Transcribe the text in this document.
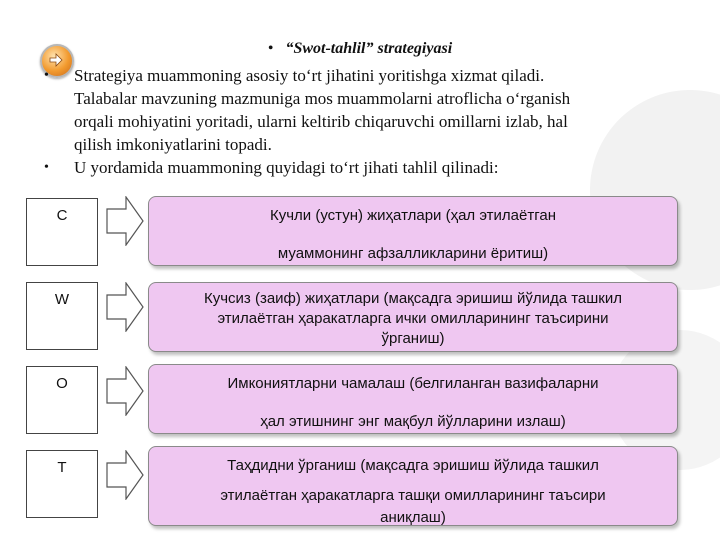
• “Swot-tahlil” strategiyasi
•	Strategiya muammoning asosiy to‘rt jihatini yoritishga xizmat qiladi.
Talabalar mavzuning mazmuniga mos muammolarni atroflicha o‘rganish
orqali mohiyatini yoritadi, ularni keltirib chiqaruvchi omillarni izlab, hal
qilish imkoniyatlarini topadi.
•	U yordamida muammoning quyidagi to‘rt jihati tahlil qilinadi:
C	Кучли (устун) жиҳатлари (ҳал этилаётган
муаммонинг афзалликларини ёритиш)
W	Кучсиз (заиф) жиҳатлари (мақсадга эришиш йўлида ташкил
этилаётган ҳаракатларга ички омилларининг таъсирини
ўрганиш)
O	Имкониятларни чамалаш (белгиланган вазифаларни
ҳал этишнинг энг мақбул йўлларини излаш)
T	Таҳдидни ўрганиш (мақсадга эришиш йўлида ташкил
этилаётган ҳаракатларга ташқи омилларининг таъсири
аниқлаш)
